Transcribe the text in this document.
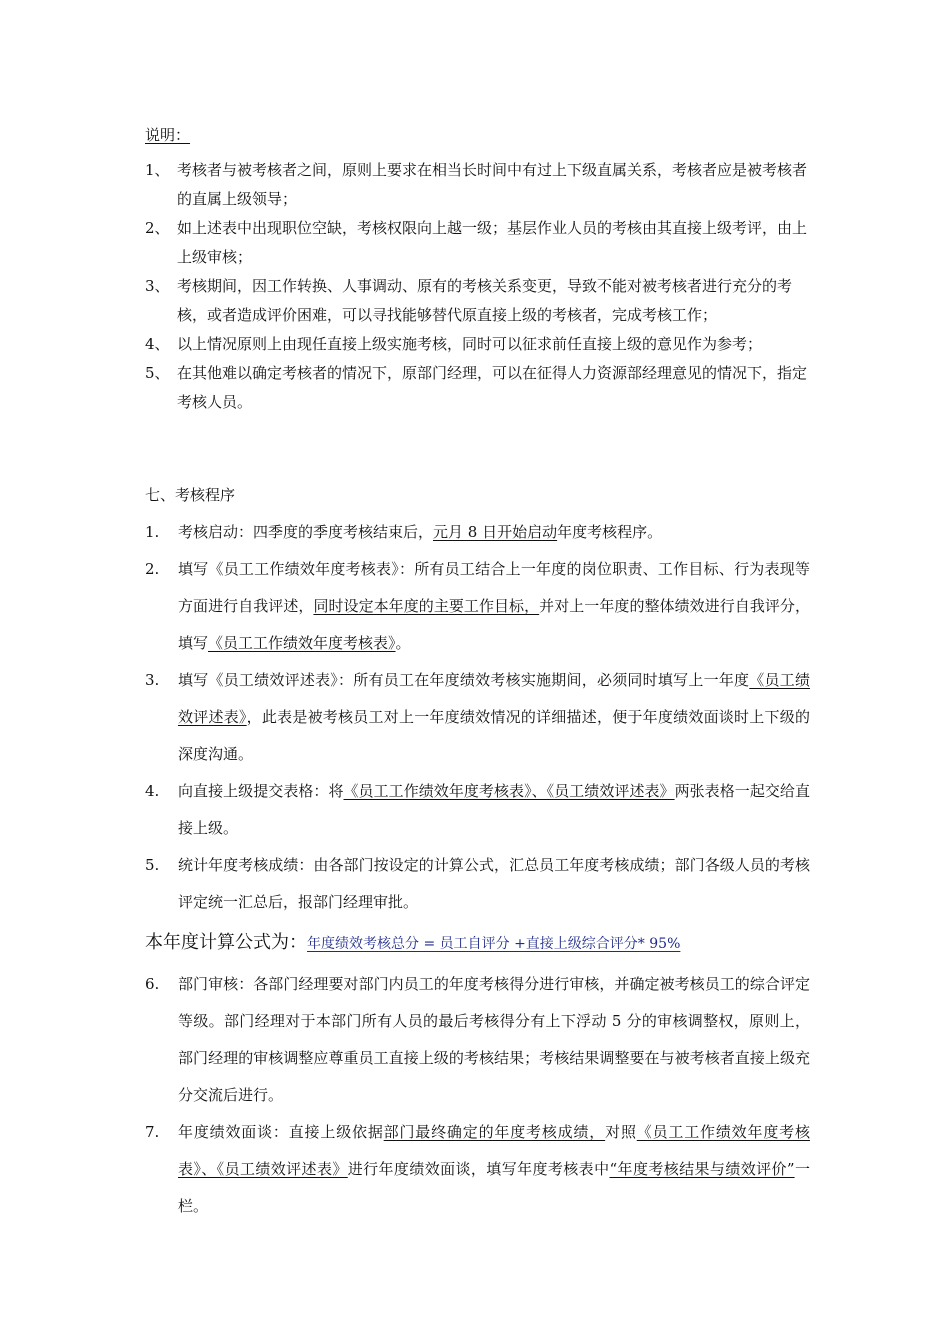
说明：
1、 考核者与被考核者之间，原则上要求在相当长时间中有过上下级直属关系，考核者应是被考核者的直属上级领导；
2、 如上述表中出现职位空缺，考核权限向上越一级；基层作业人员的考核由其直接上级考评，由上上级审核；
3、 考核期间，因工作转换、人事调动、原有的考核关系变更，导致不能对被考核者进行充分的考核，或者造成评价困难，可以寻找能够替代原直接上级的考核者，完成考核工作；
4、 以上情况原则上由现任直接上级实施考核，同时可以征求前任直接上级的意见作为参考；
5、 在其他难以确定考核者的情况下，原部门经理，可以在征得人力资源部经理意见的情况下，指定考核人员。
七、考核程序
1. 考核启动：四季度的季度考核结束后，元月 8 日开始启动年度考核程序。
2. 填写《员工工作绩效年度考核表》：所有员工结合上一年度的岗位职责、工作目标、行为表现等方面进行自我评述，同时设定本年度的主要工作目标，并对上一年度的整体绩效进行自我评分，填写《员工工作绩效年度考核表》。
3. 填写《员工绩效评述表》：所有员工在年度绩效考核实施期间，必须同时填写上一年度《员工绩效评述表》，此表是被考核员工对上一年度绩效情况的详细描述，便于年度绩效面谈时上下级的深度沟通。
4. 向直接上级提交表格：将《员工工作绩效年度考核表》、《员工绩效评述表》两张表格一起交给直接上级。
5. 统计年度考核成绩：由各部门按设定的计算公式，汇总员工年度考核成绩；部门各级人员的考核评定统一汇总后，报部门经理审批。
本年度计算公式为：年度绩效考核总分 = 员工自评分 +直接上级综合评分* 95%
6. 部门审核：各部门经理要对部门内员工的年度考核得分进行审核，并确定被考核员工的综合评定等级。部门经理对于本部门所有人员的最后考核得分有上下浮动 5 分的审核调整权，原则上，部门经理的审核调整应尊重员工直接上级的考核结果；考核结果调整要在与被考核者直接上级充分交流后进行。
7. 年度绩效面谈：直接上级依据部门最终确定的年度考核成绩，对照《员工工作绩效年度考核表》、《员工绩效评述表》进行年度绩效面谈，填写年度考核表中“年度考核结果与绩效评价”一栏。
